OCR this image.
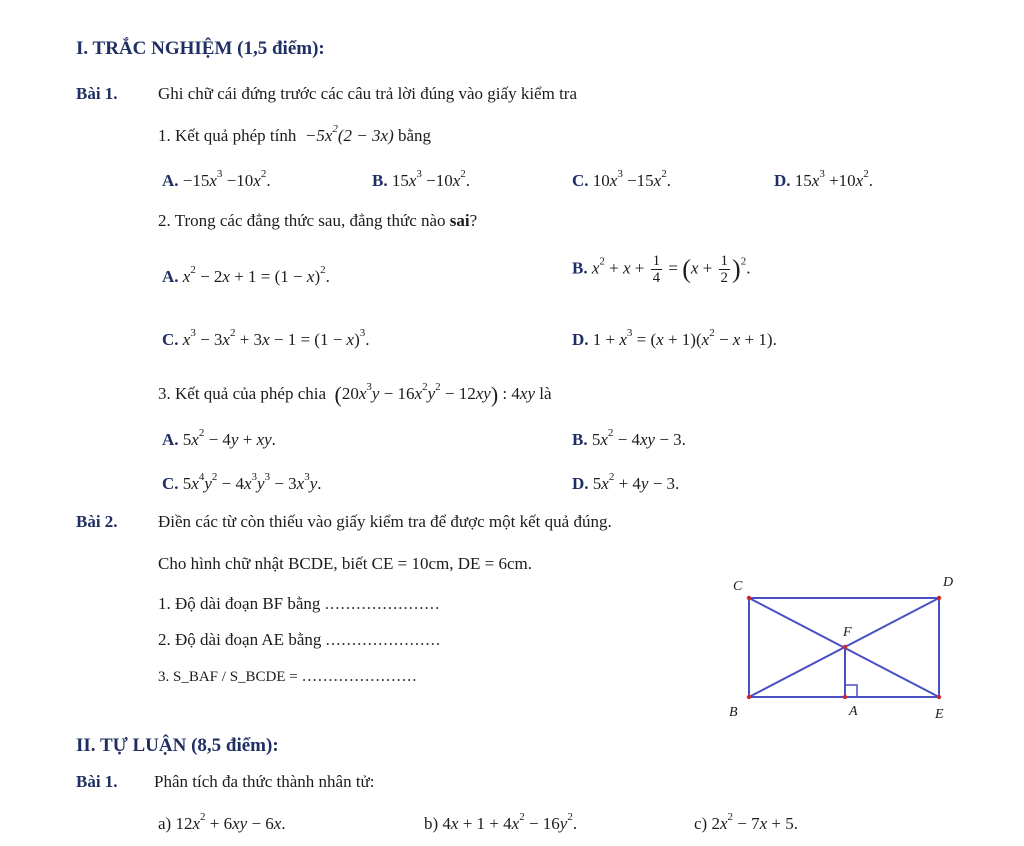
I. TRẮC NGHIỆM (1,5 điểm):
Bài 1. Ghi chữ cái đứng trước các câu trả lời đúng vào giấy kiểm tra
1. Kết quả phép tính  $-5x^2(2 - 3x)$ bằng
A. $-15x^3 -10x^2$.	B. $15x^3 -10x^2$.	C. $10x^3 -15x^2$.	D. $15x^3 +10x^2$.
2. Trong các đẳng thức sau, đẳng thức nào sai?
A. $x^2 - 2x + 1 = (1 - x)^2$.	B. $x^2 + x + \frac{1}{4} = (x + \frac{1}{2} )^2$.
C. $x^3 - 3x^2 + 3x - 1 = (1 - x)^3$.	D. $1 + x^3 = (x + 1)(x^2 - x + 1)$.
3. Kết quả của phép chia $(20x^3y - 16x^2y^2 - 12xy)$ : 4xy là
A. $5x^2 - 4y$ + xy.	B. $5x^2 - 4xy - 3$.
C. $5x^4y^2 - 4x^3y^3 - 3x^3y$.	D. $5x^2 + 4y - 3$.
Bài 2. Điền các từ còn thiếu vào giấy kiểm tra để được một kết quả đúng.
Cho hình chữ nhật BCDE, biết CE = 10cm, DE = 6cm.
1. Độ dài đoạn BF bằng ......................
2. Độ dài đoạn AE bằng ......................
3. S_BAF / S_BCDE = ......................
C	D
F
B	A	E
II. TỰ LUẬN (8,5 điểm):
Bài 1. Phân tích đa thức thành nhân tử:
a) $12x^2 + 6xy - 6x$.	b) $4x + 1 + 4x^2 - 16y^2$.	c) $2x^2 - 7x + 5$.
